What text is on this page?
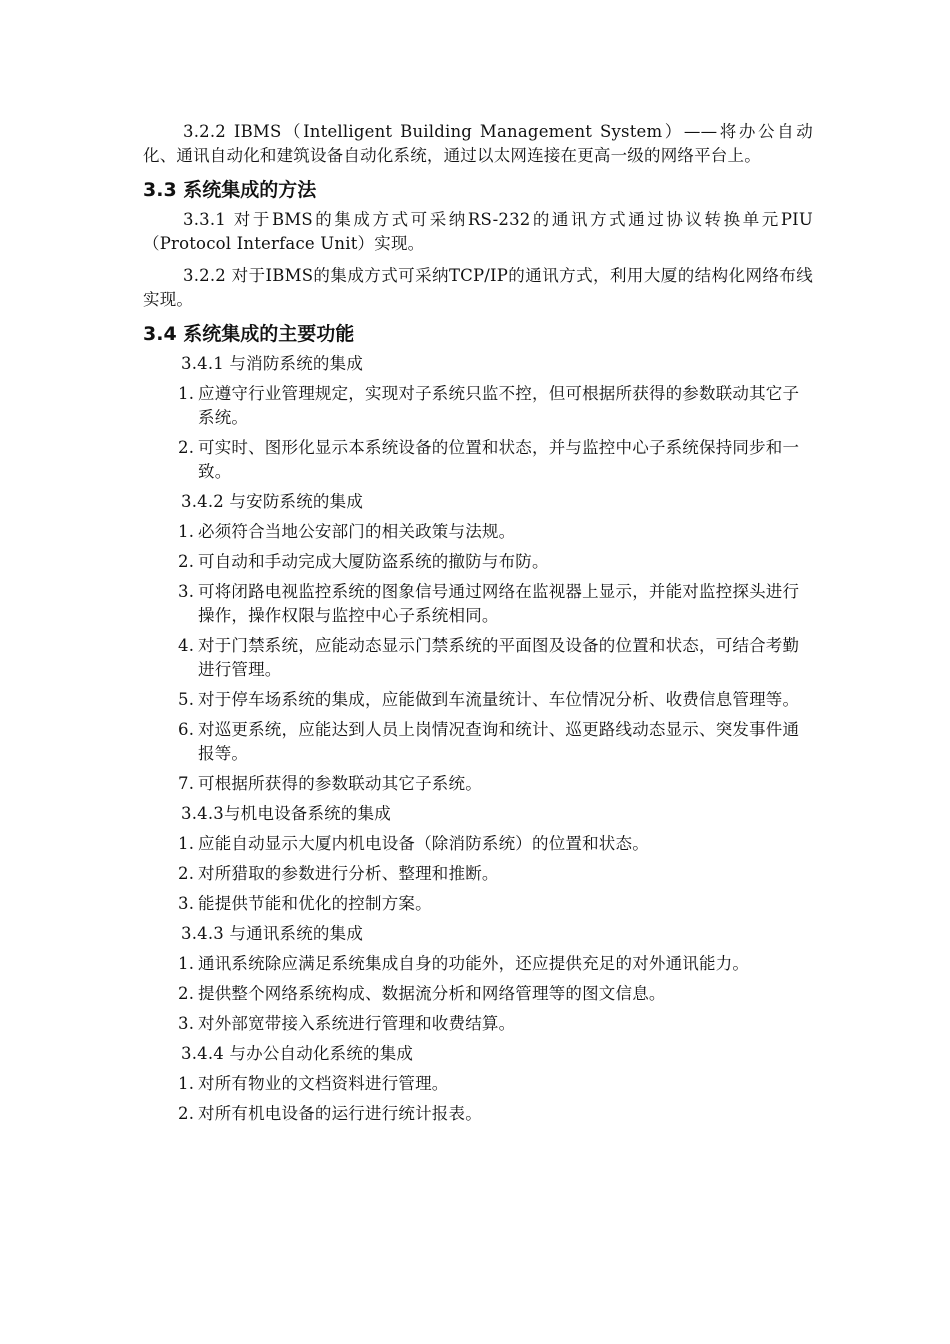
3.2.2 IBMS（Intelligent Building Management System）——将办公自动化、通讯自动化和建筑设备自动化系统，通过以太网连接在更高一级的网络平台上。

3.3 系统集成的方法

3.3.1 对于BMS的集成方式可采纳RS-232的通讯方式通过协议转换单元PIU（Protocol Interface Unit）实现。

3.2.2 对于IBMS的集成方式可采纳TCP/IP的通讯方式，利用大厦的结构化网络布线实现。

3.4 系统集成的主要功能

3.4.1 与消防系统的集成

1. 应遵守行业管理规定，实现对子系统只监不控，但可根据所获得的参数联动其它子系统。

2. 可实时、图形化显示本系统设备的位置和状态，并与监控中心子系统保持同步和一致。

3.4.2 与安防系统的集成

1. 必须符合当地公安部门的相关政策与法规。

2. 可自动和手动完成大厦防盗系统的撤防与布防。

3. 可将闭路电视监控系统的图象信号通过网络在监视器上显示，并能对监控探头进行操作，操作权限与监控中心子系统相同。

4. 对于门禁系统，应能动态显示门禁系统的平面图及设备的位置和状态，可结合考勤进行管理。

5. 对于停车场系统的集成，应能做到车流量统计、车位情况分析、收费信息管理等。

6. 对巡更系统，应能达到人员上岗情况查询和统计、巡更路线动态显示、突发事件通报等。

7. 可根据所获得的参数联动其它子系统。

3.4.3与机电设备系统的集成

1. 应能自动显示大厦内机电设备（除消防系统）的位置和状态。

2. 对所猎取的参数进行分析、整理和推断。

3. 能提供节能和优化的控制方案。

3.4.3 与通讯系统的集成

1. 通讯系统除应满足系统集成自身的功能外，还应提供充足的对外通讯能力。

2. 提供整个网络系统构成、数据流分析和网络管理等的图文信息。

3. 对外部宽带接入系统进行管理和收费结算。

3.4.4 与办公自动化系统的集成

1. 对所有物业的文档资料进行管理。

2. 对所有机电设备的运行进行统计报表。
